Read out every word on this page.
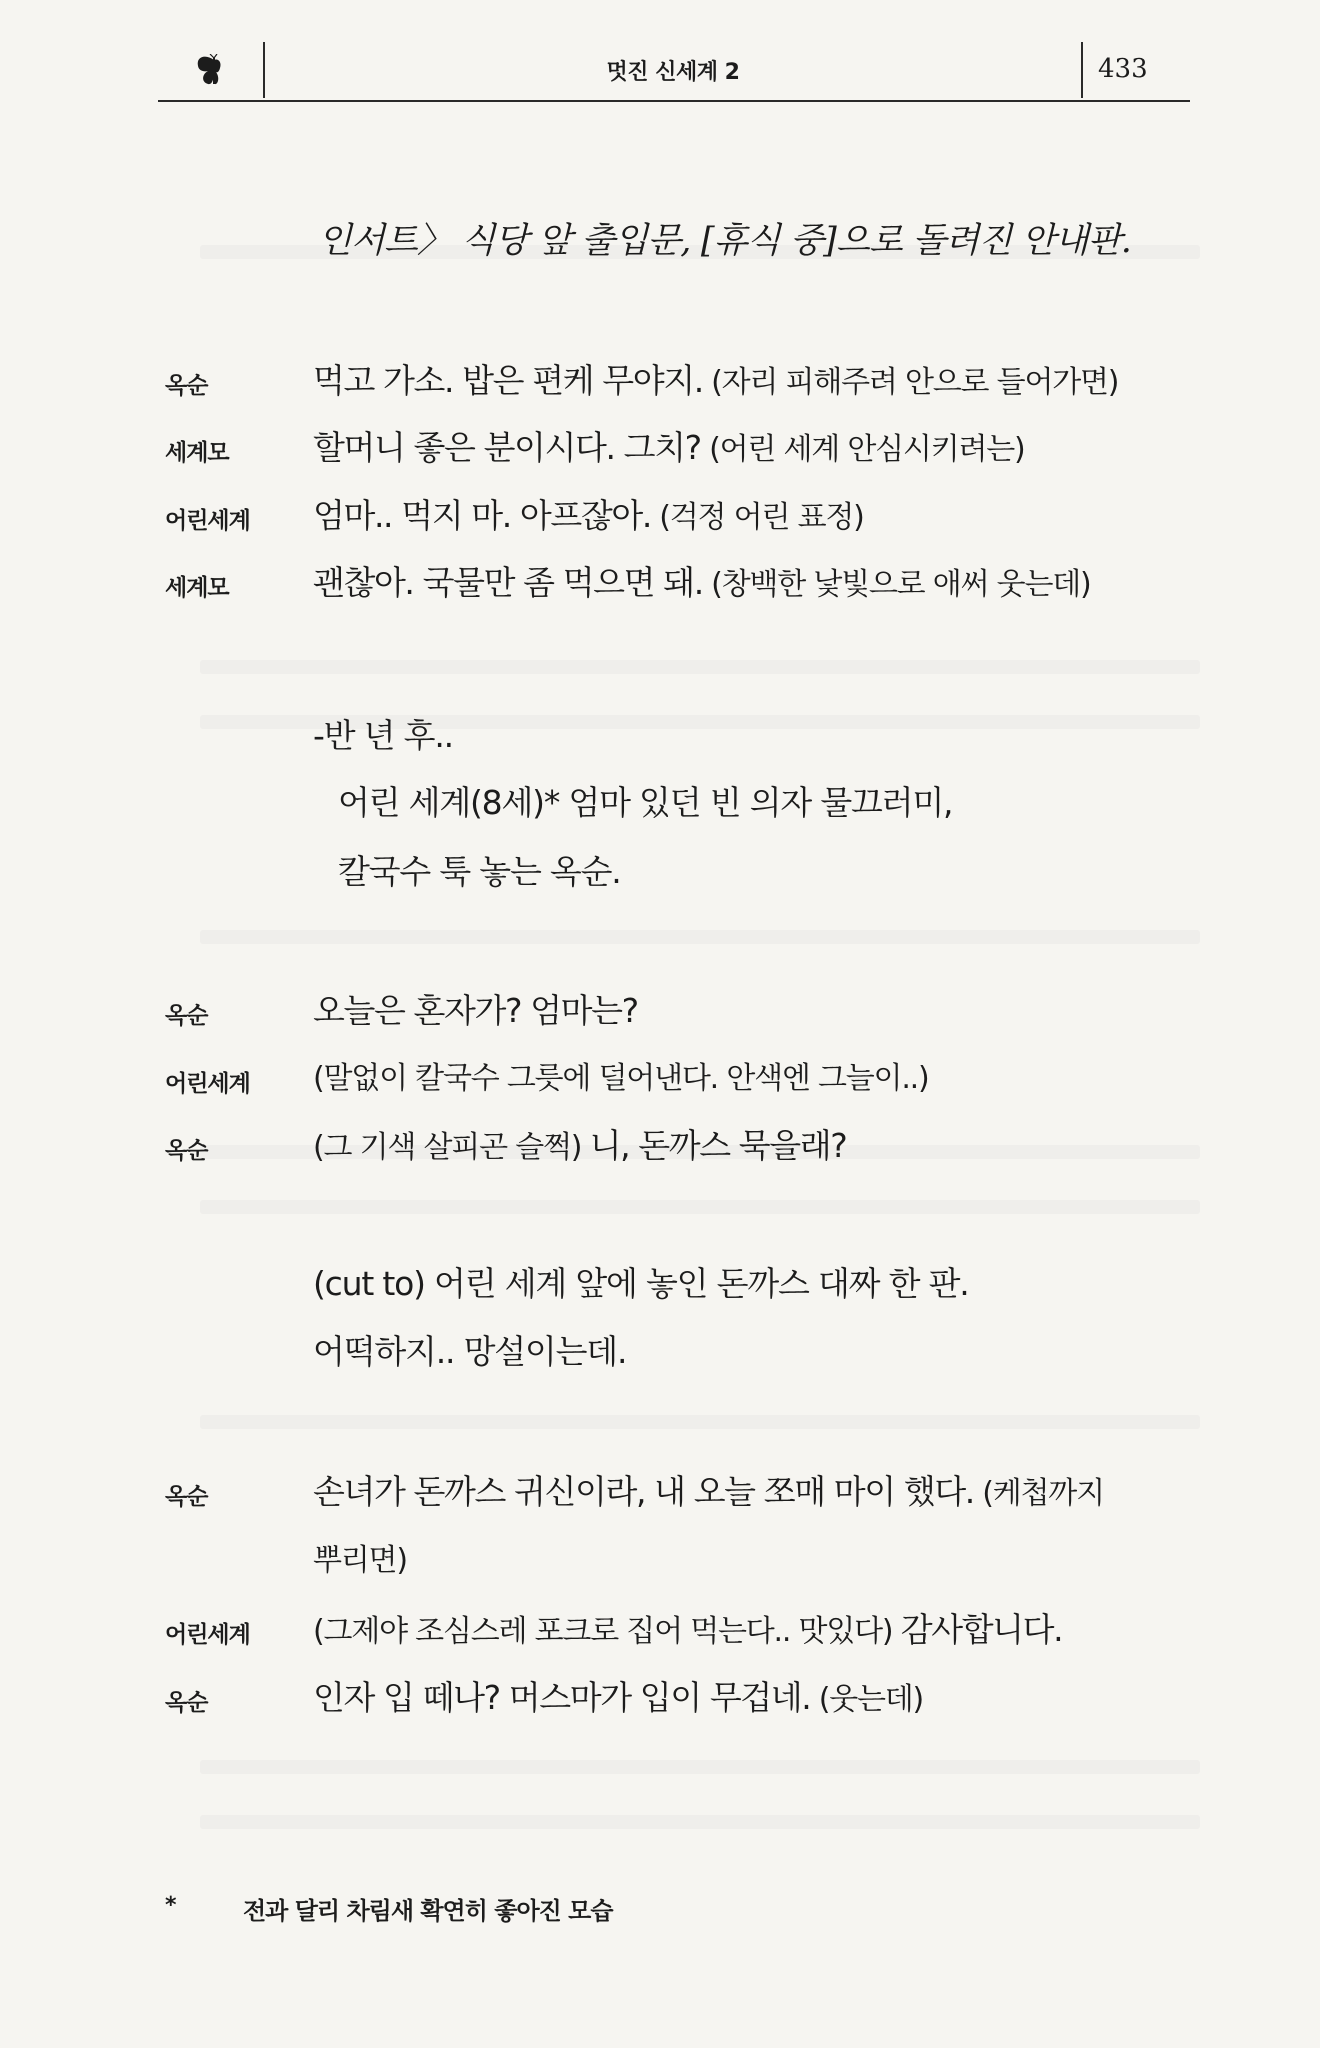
멋진 신세계 2	433
인서트〉 식당 앞 출입문, [휴식 중]으로 돌려진 안내판.
옥순	먹고 가소. 밥은 편케 무야지. (자리 피해주려 안으로 들어가면)
세계모	할머니 좋은 분이시다. 그치? (어린 세계 안심시키려는)
어린세계 엄마.. 먹지 마. 아프잖아. (걱정 어린 표정)
세계모	괜찮아. 국물만 좀 먹으면 돼. (창백한 낯빛으로 애써 웃는데)
-반 년 후..
어린 세계(8세)* 엄마 있던 빈 의자 물끄러미,
칼국수 툭 놓는 옥순.
옥순	오늘은 혼자가? 엄마는?
어린세계 (말없이 칼국수 그릇에 덜어낸다. 안색엔 그늘이..)
옥순	(그 기색 살피곤 슬쩍) 니, 돈까스 묵을래?
(cut to) 어린 세계 앞에 놓인 돈까스 대짜 한 판.
어떡하지.. 망설이는데.
옥순	손녀가 돈까스 귀신이라, 내 오늘 쪼매 마이 했다. (케첩까지
뿌리면)
어린세계 (그제야 조심스레 포크로 집어 먹는다.. 맛있다) 감사합니다.
옥순	인자 입 떼나? 머스마가 입이 무겁네. (웃는데)
*	전과 달리 차림새 확연히 좋아진 모습
